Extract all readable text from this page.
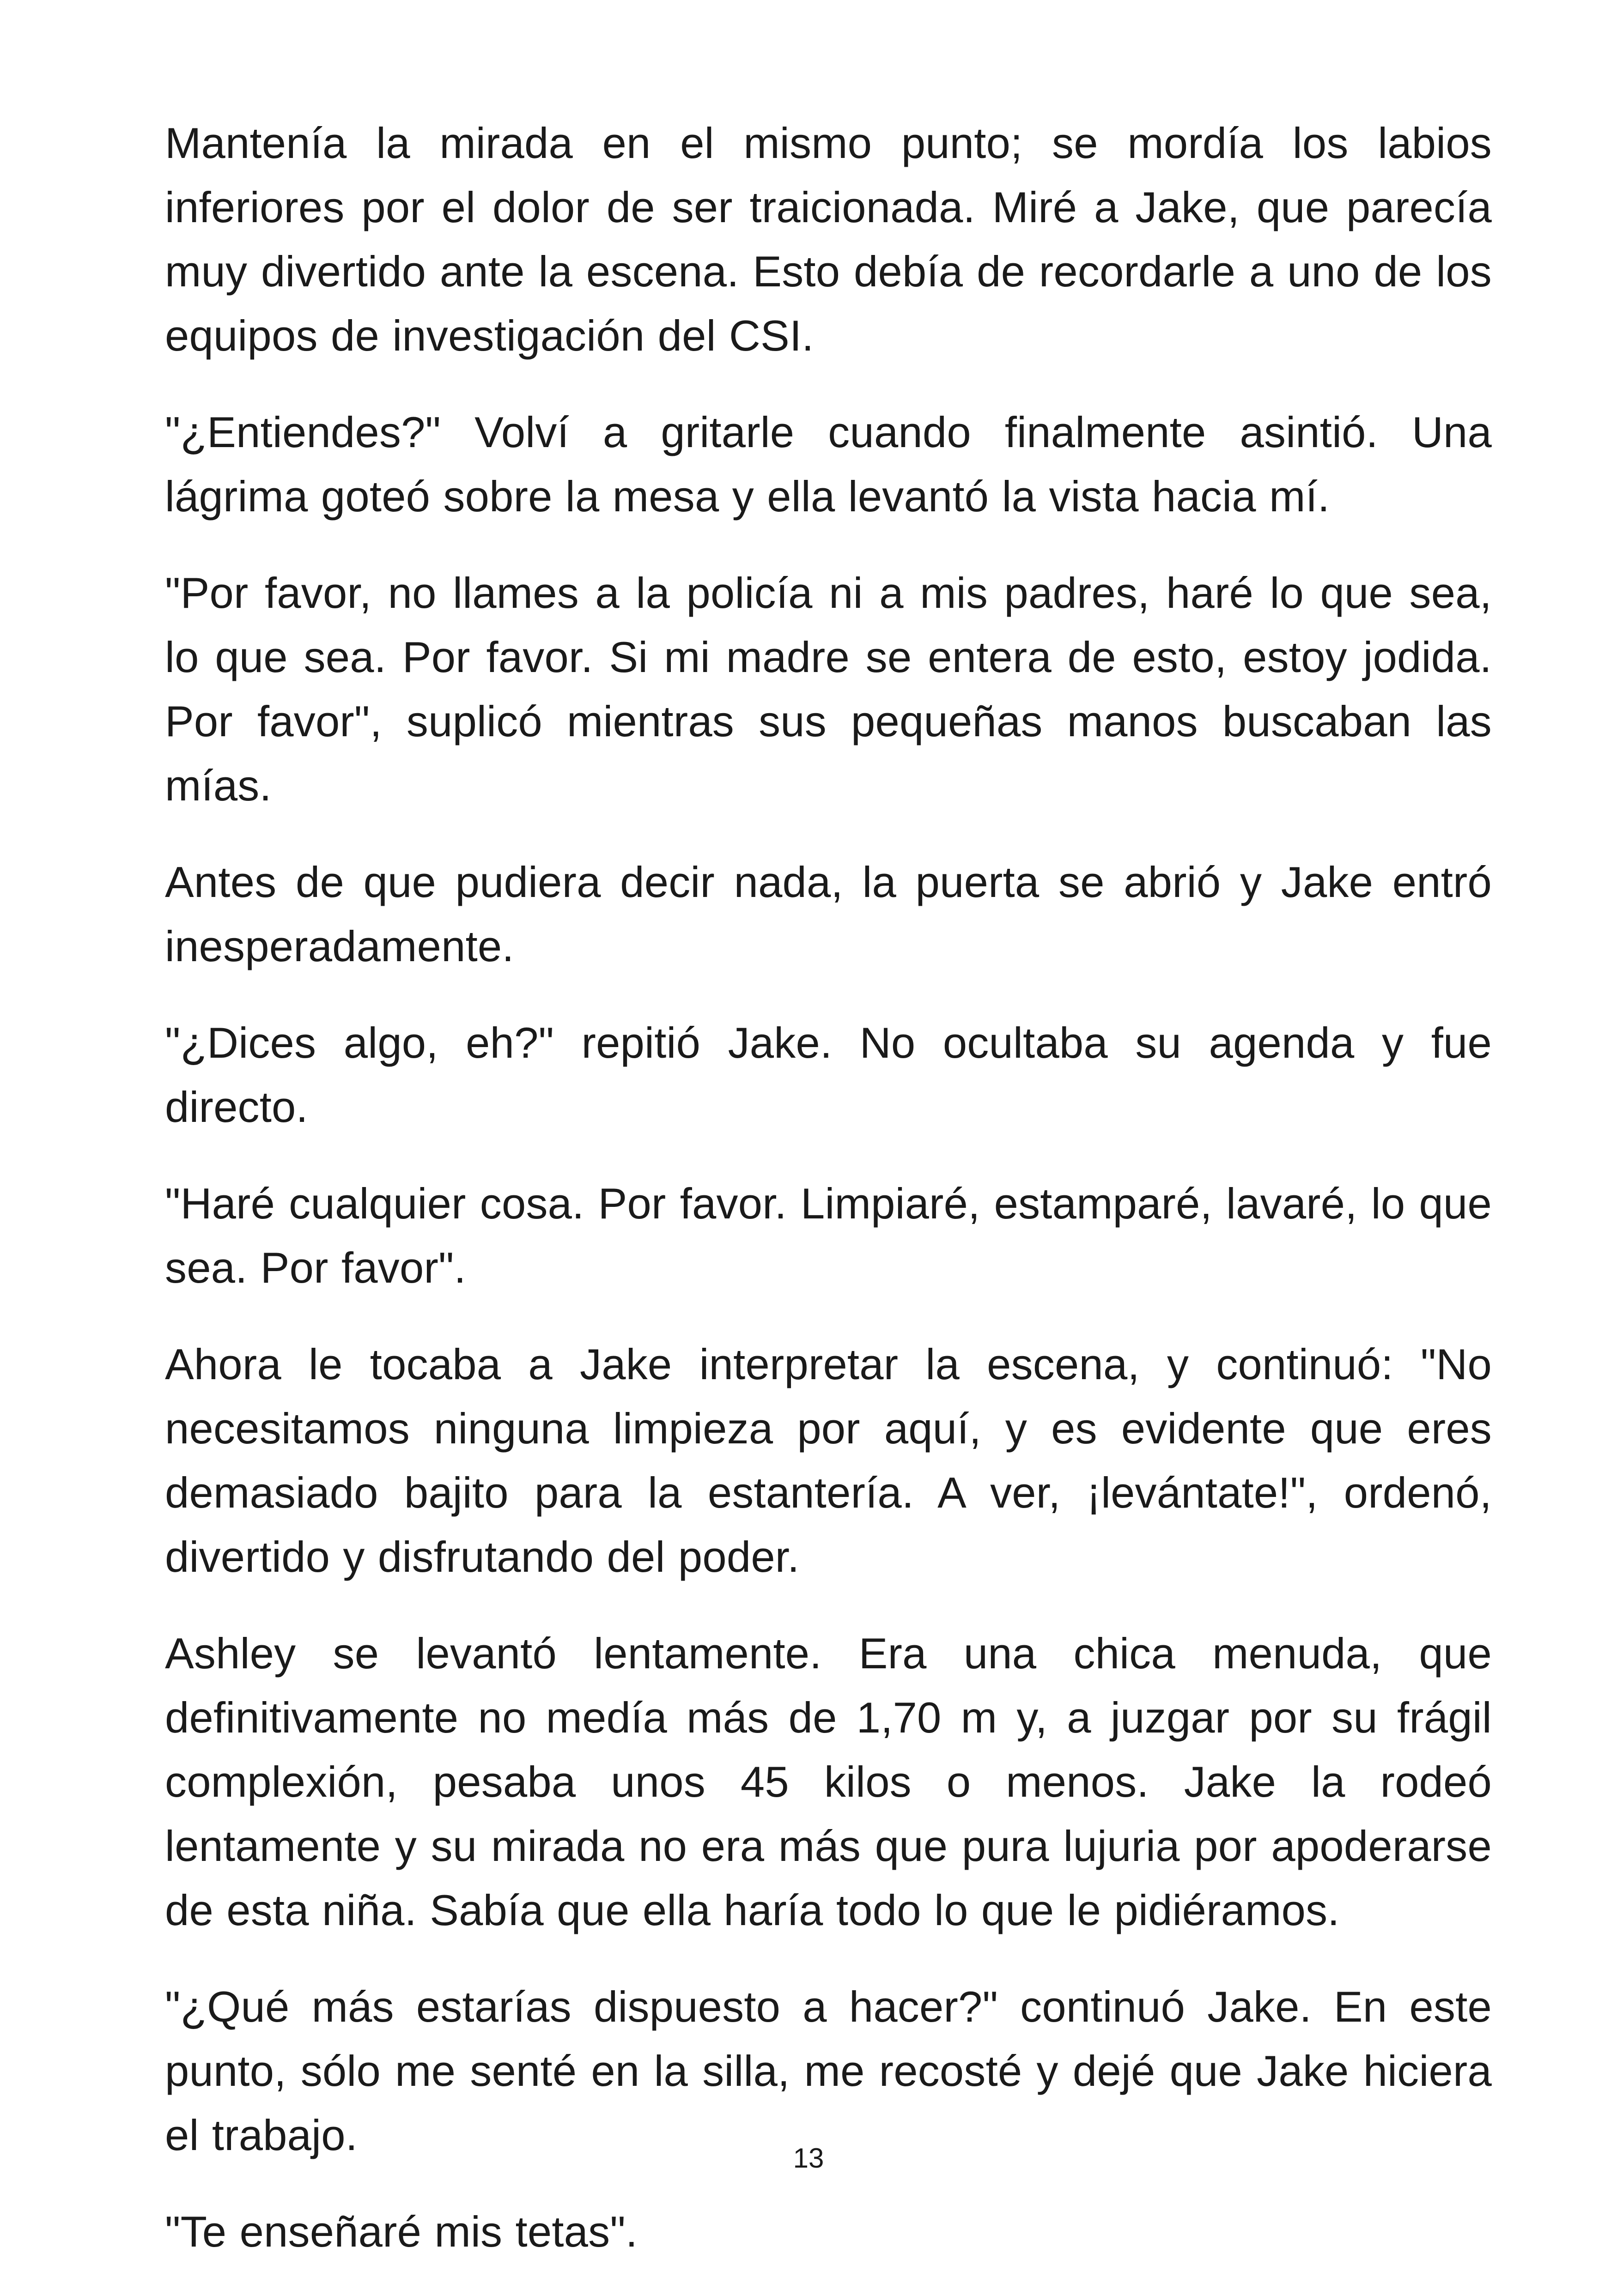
Mantenía la mirada en el mismo punto; se mordía los labios inferiores por el dolor de ser traicionada. Miré a Jake, que parecía muy divertido ante la escena. Esto debía de recordarle a uno de los equipos de investigación del CSI.

"¿Entiendes?" Volví a gritarle cuando finalmente asintió. Una lágrima goteó sobre la mesa y ella levantó la vista hacia mí.

"Por favor, no llames a la policía ni a mis padres, haré lo que sea, lo que sea. Por favor. Si mi madre se entera de esto, estoy jodida. Por favor", suplicó mientras sus pequeñas manos buscaban las mías.

Antes de que pudiera decir nada, la puerta se abrió y Jake entró inesperadamente.

"¿Dices algo, eh?" repitió Jake. No ocultaba su agenda y fue directo.

"Haré cualquier cosa. Por favor. Limpiaré, estamparé, lavaré, lo que sea. Por favor".

Ahora le tocaba a Jake interpretar la escena, y continuó: "No necesitamos ninguna limpieza por aquí, y es evidente que eres demasiado bajito para la estantería. A ver, ¡levántate!", ordenó, divertido y disfrutando del poder.

Ashley se levantó lentamente. Era una chica menuda, que definitivamente no medía más de 1,70 m y, a juzgar por su frágil complexión, pesaba unos 45 kilos o menos. Jake la rodeó lentamente y su mirada no era más que pura lujuria por apoderarse de esta niña. Sabía que ella haría todo lo que le pidiéramos.

"¿Qué más estarías dispuesto a hacer?" continuó Jake. En este punto, sólo me senté en la silla, me recosté y dejé que Jake hiciera el trabajo.

"Te enseñaré mis tetas".

13
